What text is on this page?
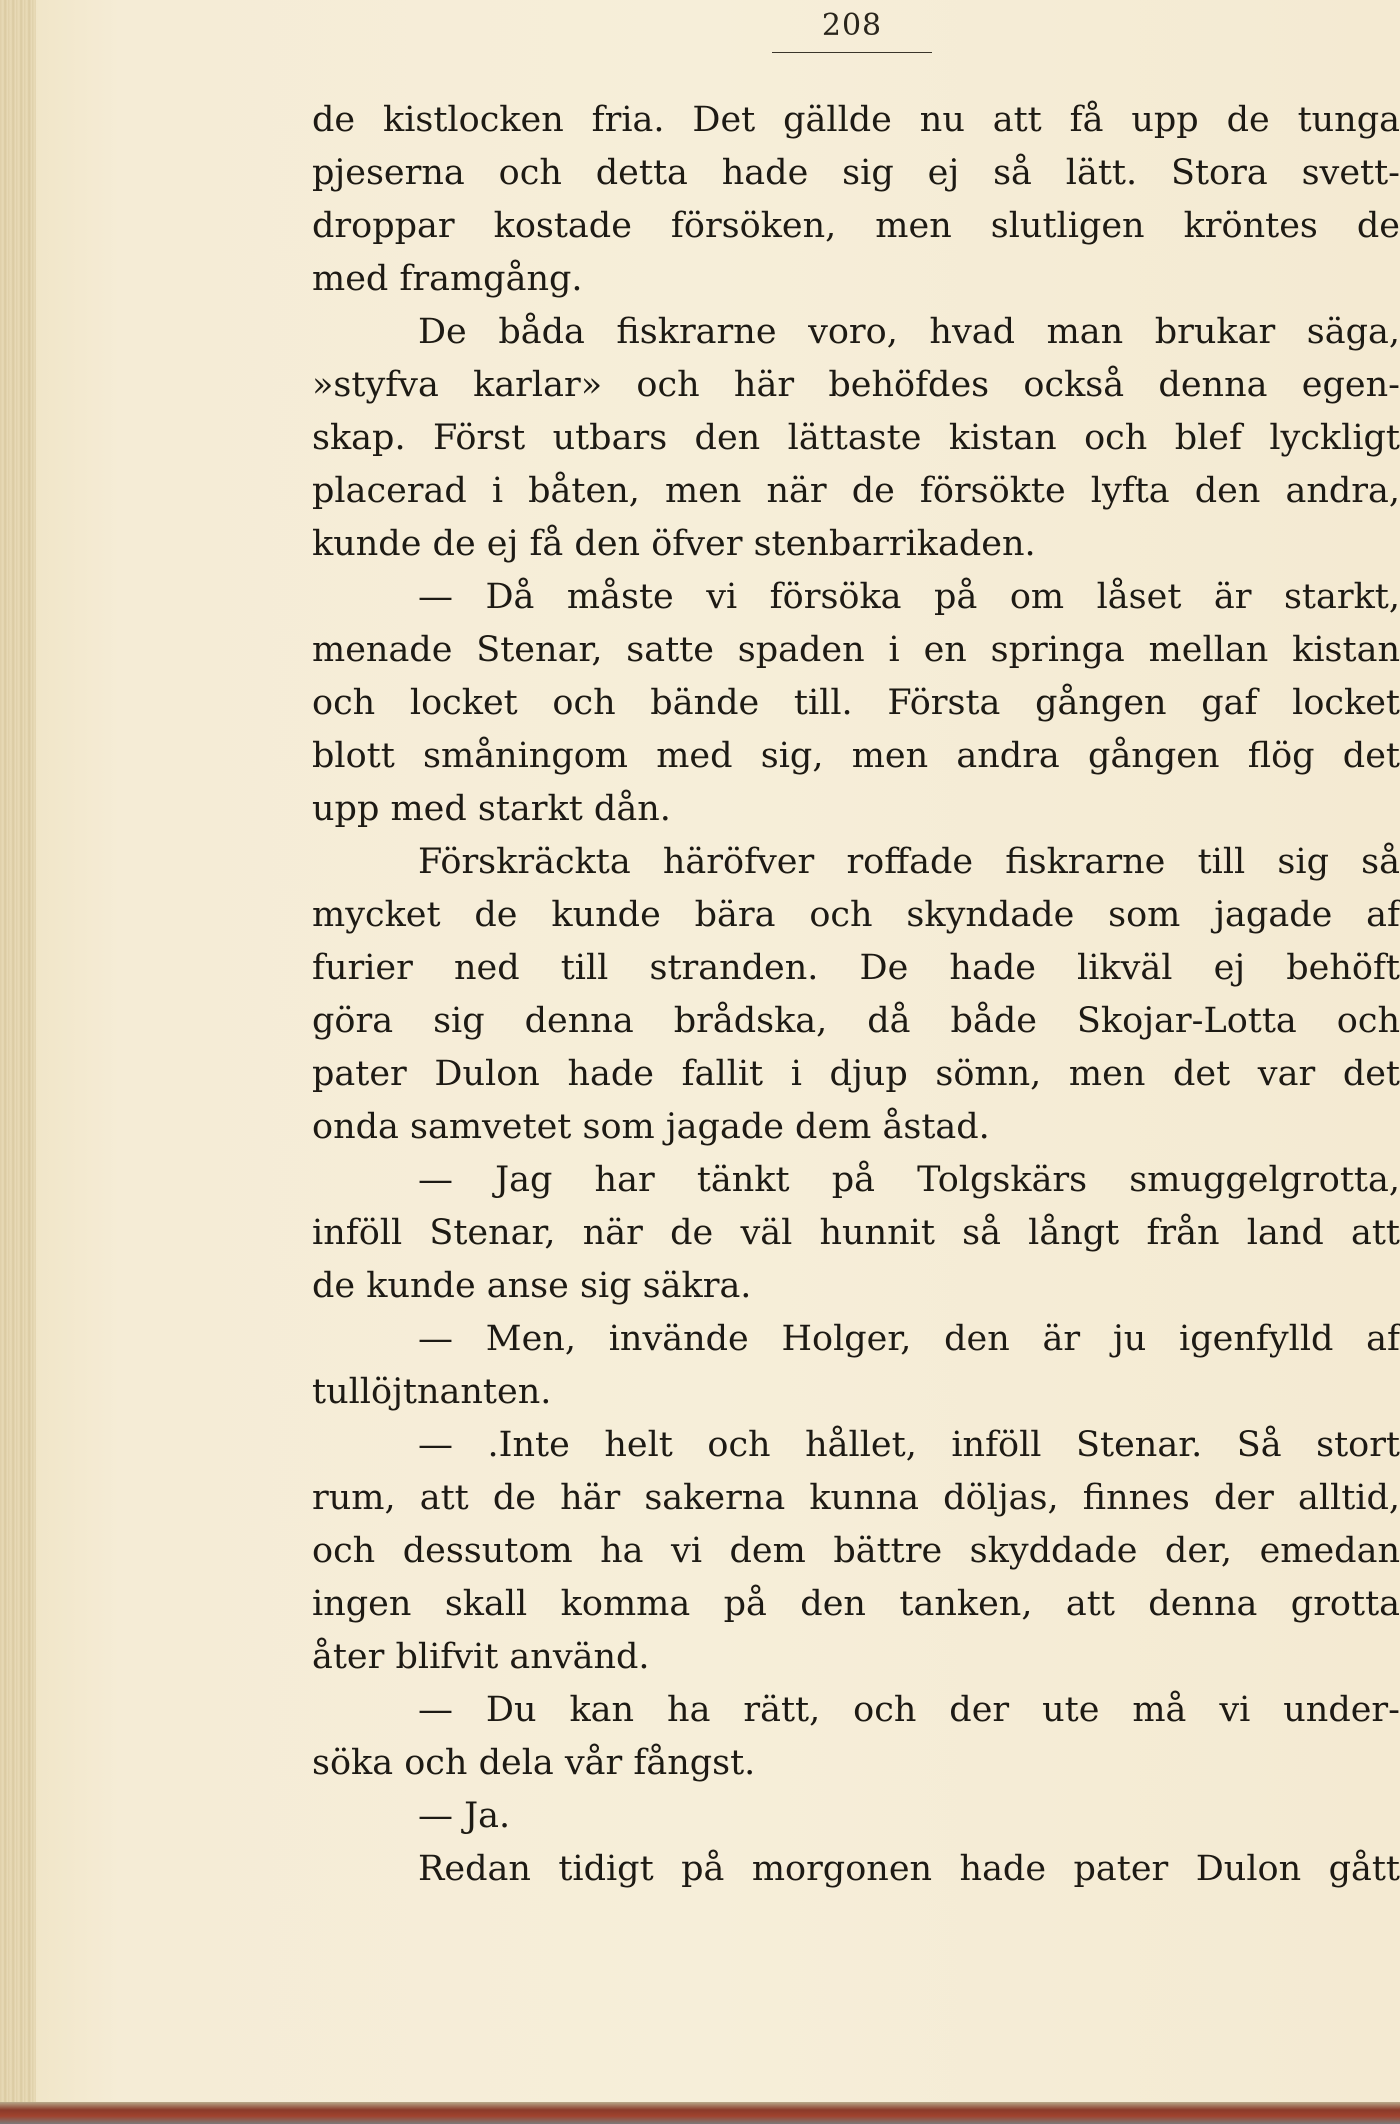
208
de kistlocken fria. Det gällde nu att få upp de tunga
pjeserna och detta hade sig ej så lätt. Stora svett-
droppar kostade försöken, men slutligen kröntes de
med framgång.
De båda fiskrarne voro, hvad man brukar säga,
»styfva karlar» och här behöfdes också denna egen-
skap. Först utbars den lättaste kistan och blef lyckligt
placerad i båten, men när de försökte lyfta den andra,
kunde de ej få den öfver stenbarrikaden.
— Då måste vi försöka på om låset är starkt,
menade Stenar, satte spaden i en springa mellan kistan
och locket och bände till. Första gången gaf locket
blott småningom med sig, men andra gången flög det
upp med starkt dån.
Förskräckta häröfver roffade fiskrarne till sig så
mycket de kunde bära och skyndade som jagade af
furier ned till stranden. De hade likväl ej behöft
göra sig denna brådska, då både Skojar-Lotta och
pater Dulon hade fallit i djup sömn, men det var det
onda samvetet som jagade dem åstad.
— Jag har tänkt på Tolgskärs smuggelgrotta,
inföll Stenar, när de väl hunnit så långt från land att
de kunde anse sig säkra.
— Men, invände Holger, den är ju igenfylld af
tullöjtnanten.
— .Inte helt och hållet, inföll Stenar. Så stort
rum, att de här sakerna kunna döljas, finnes der alltid,
och dessutom ha vi dem bättre skyddade der, emedan
ingen skall komma på den tanken, att denna grotta
åter blifvit använd.
— Du kan ha rätt, och der ute må vi under-
söka och dela vår fångst.
— Ja.
Redan tidigt på morgonen hade pater Dulon gått
